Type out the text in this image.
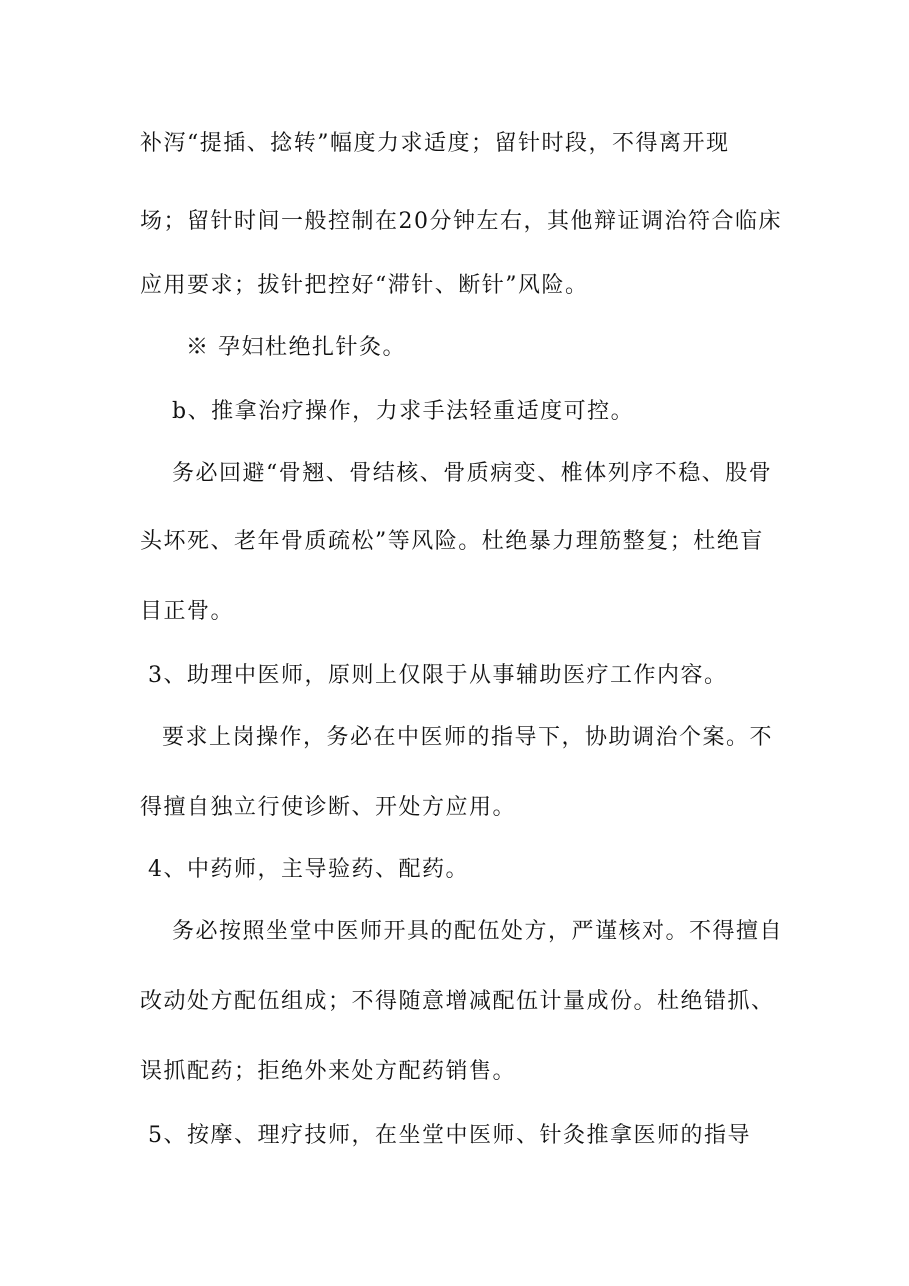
补泻“提插、捻转”幅度力求适度；留针时段，不得离开现
场；留针时间一般控制在20分钟左右，其他辩证调治符合临床
应用要求；拔针把控好“滞针、断针”风险。
※ 孕妇杜绝扎针灸。
b、推拿治疗操作，力求手法轻重适度可控。
务必回避“骨翘、骨结核、骨质病变、椎体列序不稳、股骨
头坏死、老年骨质疏松”等风险。杜绝暴力理筋整复；杜绝盲
目正骨。
3、助理中医师，原则上仅限于从事辅助医疗工作内容。
要求上岗操作，务必在中医师的指导下，协助调治个案。不
得擅自独立行使诊断、开处方应用。
4、中药师，主导验药、配药。
务必按照坐堂中医师开具的配伍处方，严谨核对。不得擅自
改动处方配伍组成；不得随意增减配伍计量成份。杜绝错抓、
误抓配药；拒绝外来处方配药销售。
5、按摩、理疗技师，在坐堂中医师、针灸推拿医师的指导
